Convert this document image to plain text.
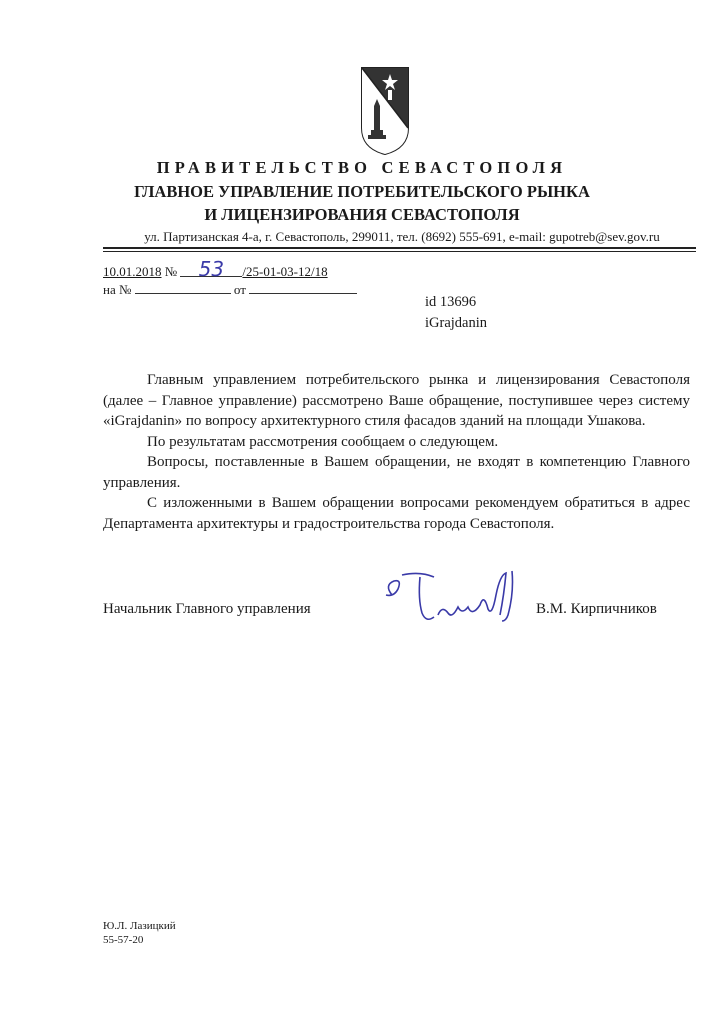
ПРАВИТЕЛЬСТВО СЕВАСТОПОЛЯ
ГЛАВНОЕ УПРАВЛЕНИЕ ПОТРЕБИТЕЛЬСКОГО РЫНКА
И ЛИЦЕНЗИРОВАНИЯ СЕВАСТОПОЛЯ
ул. Партизанская 4-а, г. Севастополь, 299011, тел. (8692) 555-691, e-mail: gupotreb@sev.gov.ru
10.01.2018 № 53 /25-01-03-12/18
на №	от
id 13696
iGrajdanin

Главным управлением потребительского рынка и лицензирования Севастополя (далее – Главное управление) рассмотрено Ваше обращение, поступившее через систему «iGrajdanin» по вопросу архитектурного стиля фасадов зданий на площади Ушакова.

По результатам рассмотрения сообщаем о следующем.

Вопросы, поставленные в Вашем обращении, не входят в компетенцию Главного управления.

С изложенными в Вашем обращении вопросами рекомендуем обратиться в адрес Департамента архитектуры и градостроительства города Севастополя.

Начальник Главного управления	В.М. Кирпичников
Ю.Л. Лазицкий
55-57-20
